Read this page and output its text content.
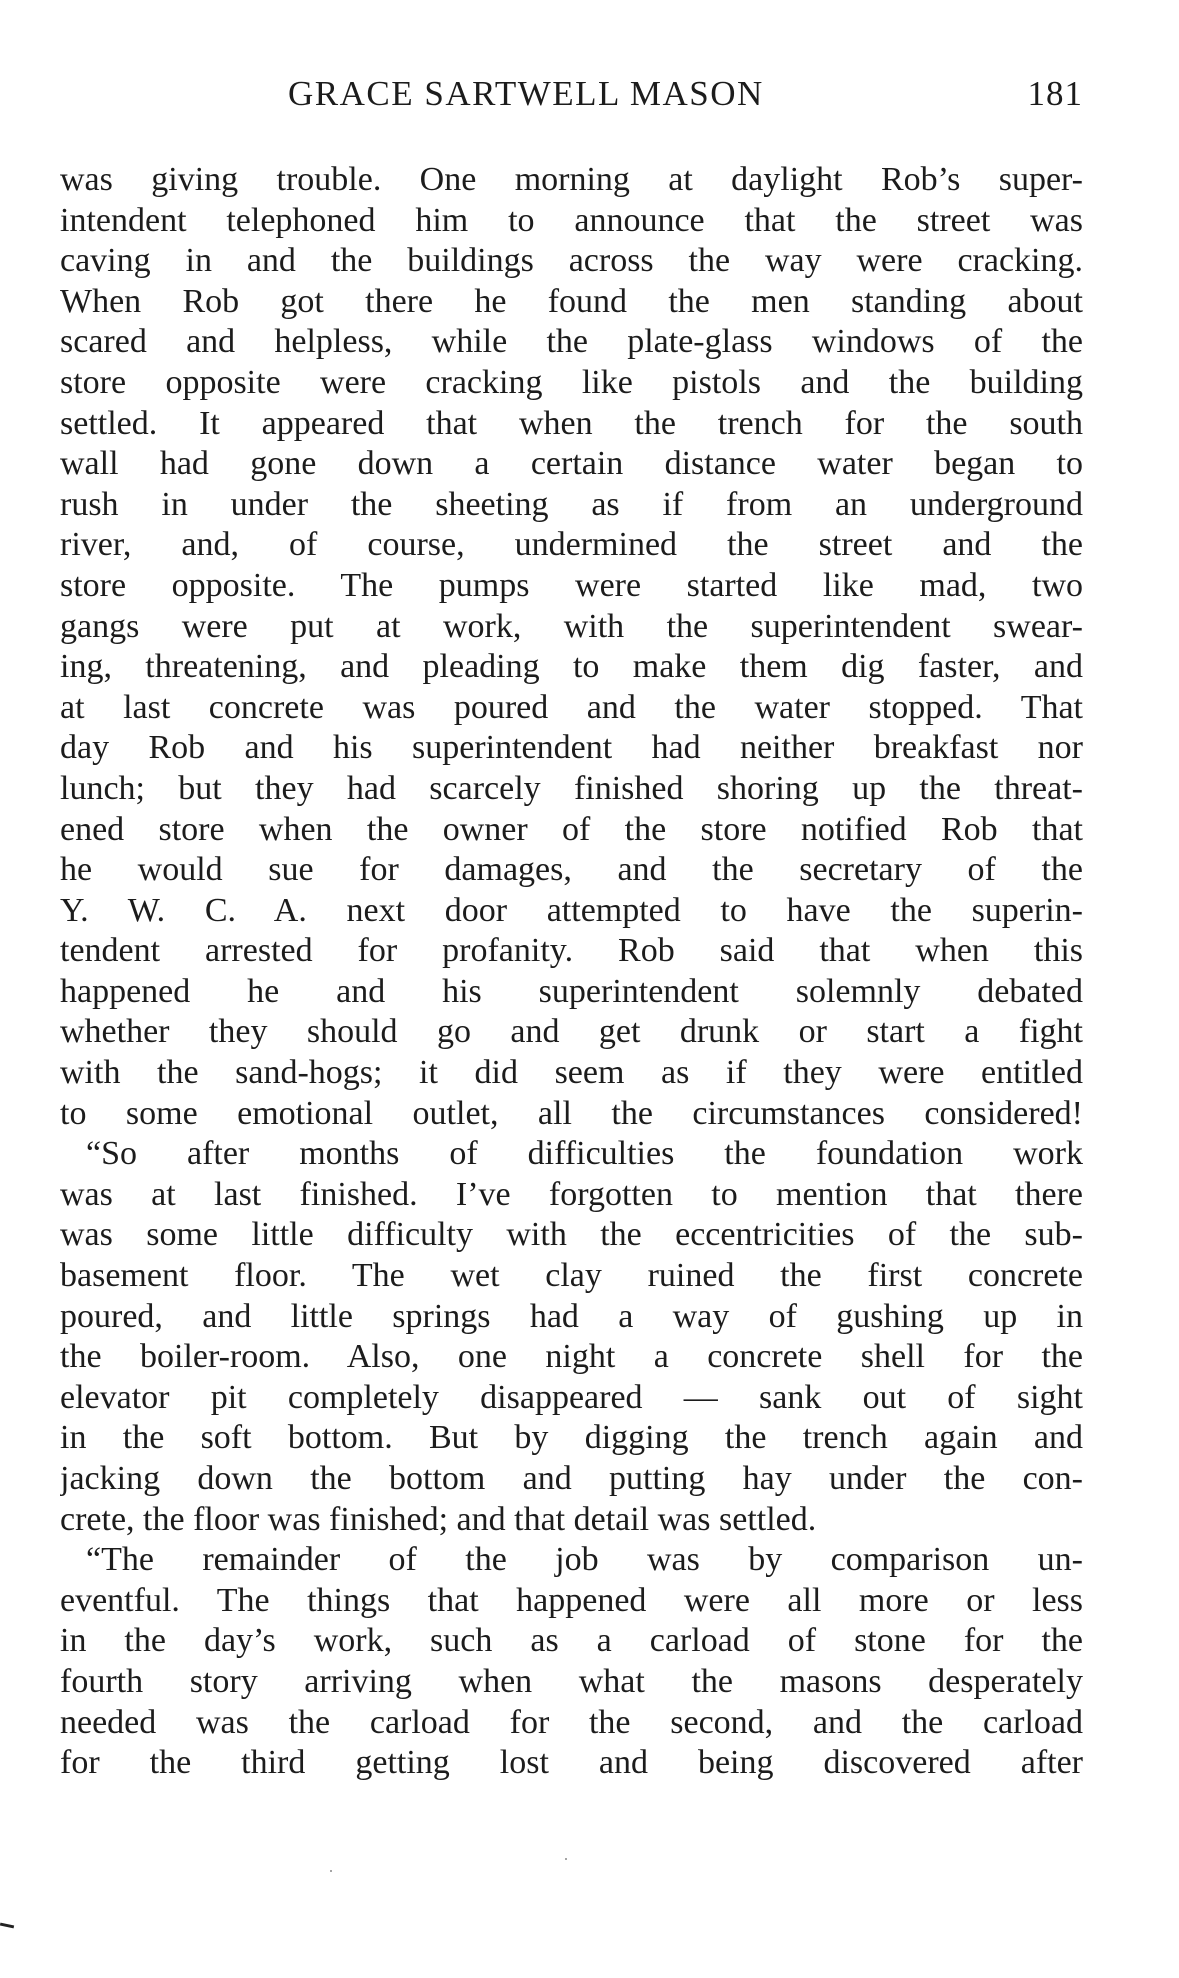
GRACE SARTWELL MASON	181
was giving trouble. One morning at daylight Rob’s super-
intendent telephoned him to announce that the street was
caving in and the buildings across the way were cracking.
When Rob got there he found the men standing about
scared and helpless, while the plate-glass windows of the
store opposite were cracking like pistols and the building
settled. It appeared that when the trench for the south
wall had gone down a certain distance water began to
rush in under the sheeting as if from an underground
river, and, of course, undermined the street and the
store opposite. The pumps were started like mad, two
gangs were put at work, with the superintendent swear-
ing, threatening, and pleading to make them dig faster, and
at last concrete was poured and the water stopped. That
day Rob and his superintendent had neither breakfast nor
lunch; but they had scarcely finished shoring up the threat-
ened store when the owner of the store notified Rob that
he would sue for damages, and the secretary of the
Y. W. C. A. next door attempted to have the superin-
tendent arrested for profanity. Rob said that when this
happened he and his superintendent solemnly debated
whether they should go and get drunk or start a fight
with the sand-hogs; it did seem as if they were entitled
to some emotional outlet, all the circumstances considered!
“So after months of difficulties the foundation work
was at last finished. I’ve forgotten to mention that there
was some little difficulty with the eccentricities of the sub-
basement floor. The wet clay ruined the first concrete
poured, and little springs had a way of gushing up in
the boiler-room. Also, one night a concrete shell for the
elevator pit completely disappeared — sank out of sight
in the soft bottom. But by digging the trench again and
jacking down the bottom and putting hay under the con-
crete, the floor was finished; and that detail was settled.
“The remainder of the job was by comparison un-
eventful. The things that happened were all more or less
in the day’s work, such as a carload of stone for the
fourth story arriving when what the masons desperately
needed was the carload for the second, and the carload
for the third getting lost and being discovered after
